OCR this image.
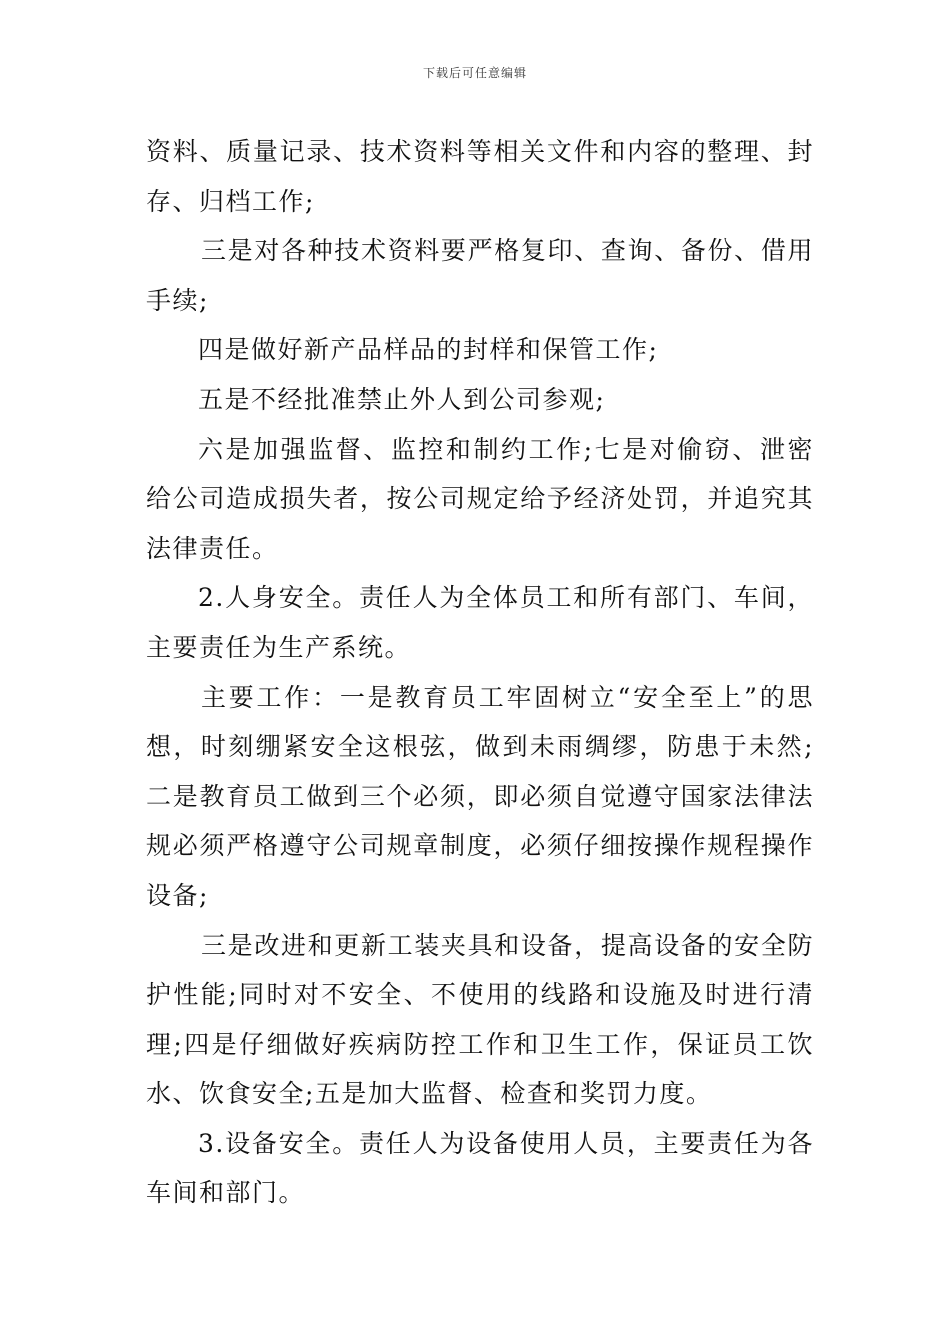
下载后可任意编辑

资料、质量记录、技术资料等相关文件和内容的整理、封存、归档工作;

三是对各种技术资料要严格复印、查询、备份、借用手续;

四是做好新产品样品的封样和保管工作;

五是不经批准禁止外人到公司参观;

六是加强监督、监控和制约工作;七是对偷窃、泄密给公司造成损失者，按公司规定给予经济处罚，并追究其法律责任。

2.人身安全。责任人为全体员工和所有部门、车间，主要责任为生产系统。

主要工作：一是教育员工牢固树立“安全至上”的思想，时刻绷紧安全这根弦，做到未雨绸缪，防患于未然;二是教育员工做到三个必须，即必须自觉遵守国家法律法规必须严格遵守公司规章制度，必须仔细按操作规程操作设备;

三是改进和更新工装夹具和设备，提高设备的安全防护性能;同时对不安全、不使用的线路和设施及时进行清理;四是仔细做好疾病防控工作和卫生工作，保证员工饮水、饮食安全;五是加大监督、检查和奖罚力度。

3.设备安全。责任人为设备使用人员，主要责任为各车间和部门。
